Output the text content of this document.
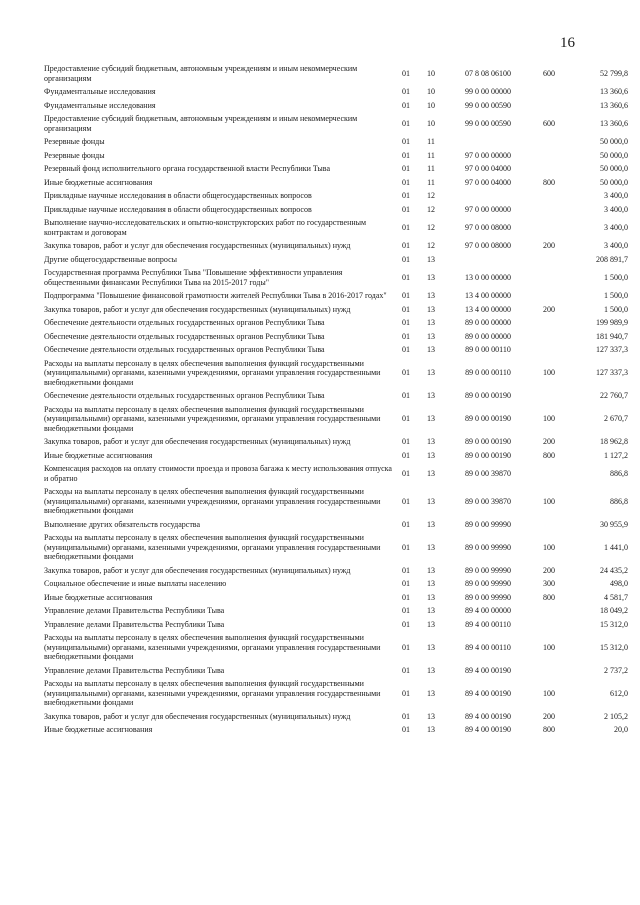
16
Предоставление субсидий бюджетным, автономным учреждениям и иным некоммерческим организациям	01	10	07 8 08 06100	600	52 799,8
Фундаментальные исследования	01	10	99 0 00 00000		13 360,6
Фундаментальные исследования	01	10	99 0 00 00590		13 360,6
Предоставление субсидий бюджетным, автономным учреждениям и иным некоммерческим организациям	01	10	99 0 00 00590	600	13 360,6
Резервные фонды	01	11			50 000,0
Резервные фонды	01	11	97 0 00 00000		50 000,0
Резервный фонд исполнительного органа государственной власти Республики Тыва	01	11	97 0 00 04000		50 000,0
Иные бюджетные ассигнования	01	11	97 0 00 04000	800	50 000,0
Прикладные научные исследования в области общегосударственных вопросов	01	12			3 400,0
Прикладные научные исследования в области общегосударственных вопросов	01	12	97 0 00 00000		3 400,0
Выполнение научно-исследовательских и опытно-конструкторских работ по государственным контрактам и договорам	01	12	97 0 00 08000		3 400,0
Закупка товаров, работ и услуг для обеспечения государственных (муниципальных) нужд	01	12	97 0 00 08000	200	3 400,0
Другие общегосударственные вопросы	01	13			208 891,7
Государственная программа Республики Тыва "Повышение эффективности управления общественными финансами Республики Тыва на 2015-2017 годы"	01	13	13 0 00 00000		1 500,0
Подпрограмма "Повышение финансовой грамотности жителей Республики Тыва в 2016-2017 годах"	01	13	13 4 00 00000		1 500,0
Закупка товаров, работ и услуг для обеспечения государственных (муниципальных) нужд	01	13	13 4 00 00000	200	1 500,0
Обеспечение деятельности отдельных государственных органов Республики Тыва	01	13	89 0 00 00000		199 989,9
Обеспечение деятельности отдельных государственных органов Республики Тыва	01	13	89 0 00 00000		181 940,7
Обеспечение деятельности отдельных государственных органов Республики Тыва	01	13	89 0 00 00110		127 337,3
Расходы на выплаты персоналу в целях обеспечения выполнения функций государственными (муниципальными) органами, казенными учреждениями, органами управления государственными внебюджетными фондами	01	13	89 0 00 00110	100	127 337,3
Обеспечение деятельности отдельных государственных органов Республики Тыва	01	13	89 0 00 00190		22 760,7
Расходы на выплаты персоналу в целях обеспечения выполнения функций государственными (муниципальными) органами, казенными учреждениями, органами управления государственными внебюджетными фондами	01	13	89 0 00 00190	100	2 670,7
Закупка товаров, работ и услуг для обеспечения государственных (муниципальных) нужд	01	13	89 0 00 00190	200	18 962,8
Иные бюджетные ассигнования	01	13	89 0 00 00190	800	1 127,2
Компенсация расходов на оплату стоимости проезда и провоза багажа к месту использования отпуска и обратно	01	13	89 0 00 39870		886,8
Расходы на выплаты персоналу в целях обеспечения выполнения функций государственными (муниципальными) органами, казенными учреждениями, органами управления государственными внебюджетными фондами	01	13	89 0 00 39870	100	886,8
Выполнение других обязательств государства	01	13	89 0 00 99990		30 955,9
Расходы на выплаты персоналу в целях обеспечения выполнения функций государственными (муниципальными) органами, казенными учреждениями, органами управления государственными внебюджетными фондами	01	13	89 0 00 99990	100	1 441,0
Закупка товаров, работ и услуг для обеспечения государственных (муниципальных) нужд	01	13	89 0 00 99990	200	24 435,2
Социальное обеспечение и иные выплаты населению	01	13	89 0 00 99990	300	498,0
Иные бюджетные ассигнования	01	13	89 0 00 99990	800	4 581,7
Управление делами Правительства Республики Тыва	01	13	89 4 00 00000		18 049,2
Управление делами Правительства Республики Тыва	01	13	89 4 00 00110		15 312,0
Расходы на выплаты персоналу в целях обеспечения выполнения функций государственными (муниципальными) органами, казенными учреждениями, органами управления государственными внебюджетными фондами	01	13	89 4 00 00110	100	15 312,0
Управление делами Правительства Республики Тыва	01	13	89 4 00 00190		2 737,2
Расходы на выплаты персоналу в целях обеспечения выполнения функций государственными (муниципальными) органами, казенными учреждениями, органами управления государственными внебюджетными фондами	01	13	89 4 00 00190	100	612,0
Закупка товаров, работ и услуг для обеспечения государственных (муниципальных) нужд	01	13	89 4 00 00190	200	2 105,2
Иные бюджетные ассигнования	01	13	89 4 00 00190	800	20,0
